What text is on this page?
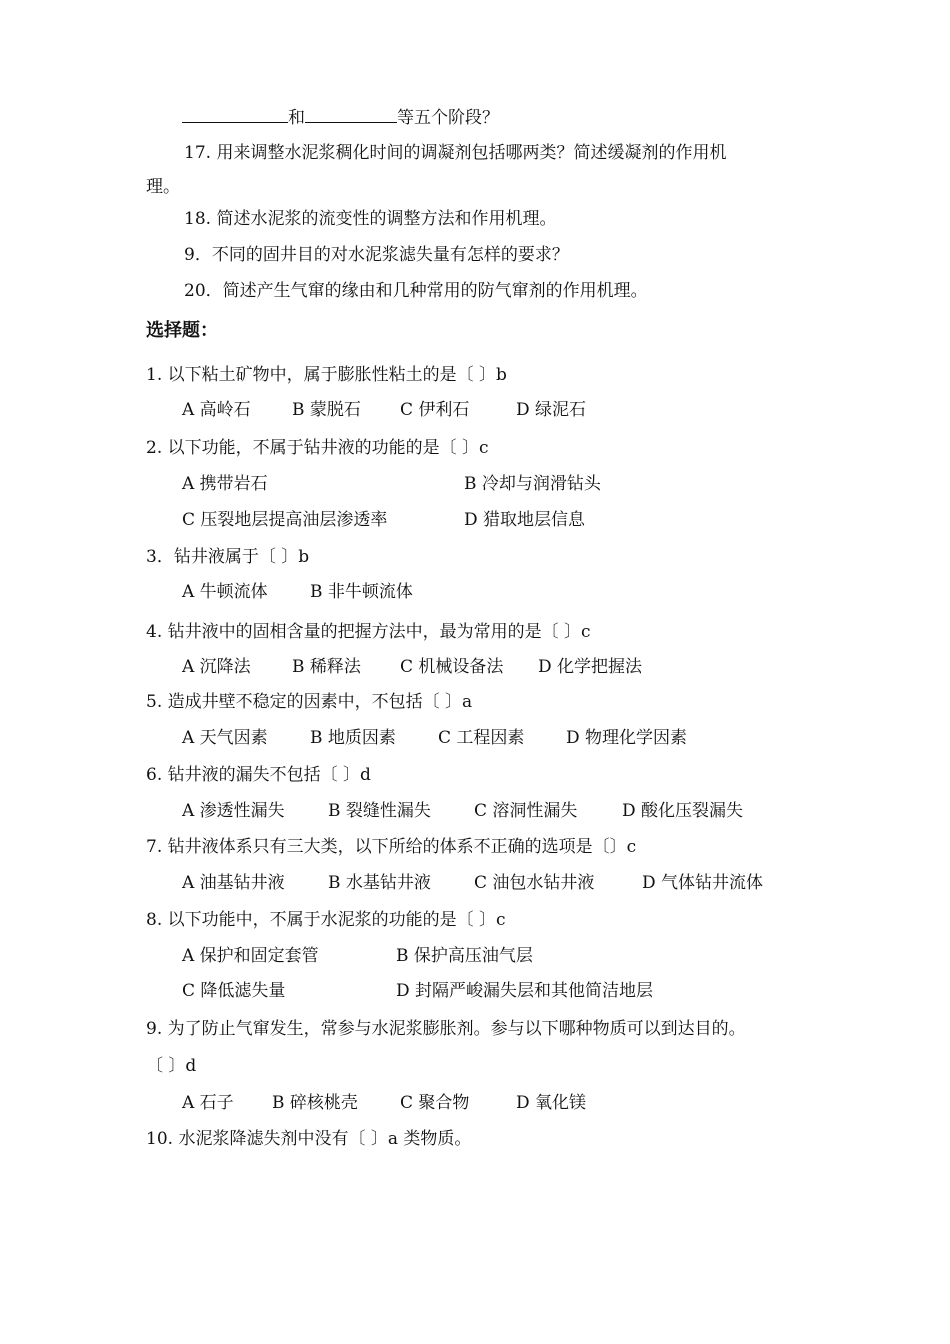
和	等五个阶段？
17. 用来调整水泥浆稠化时间的调凝剂包括哪两类？简述缓凝剂的作用机
理。
18. 简述水泥浆的流变性的调整方法和作用机理。
9．不同的固井目的对水泥浆滤失量有怎样的要求？
20．简述产生气窜的缘由和几种常用的防气窜剂的作用机理。
选择题：
1. 以下粘土矿物中，属于膨胀性粘土的是〔 〕b
A 高岭石 B 蒙脱石 C 伊利石	D 绿泥石
2. 以下功能，不属于钻井液的功能的是〔 〕c
A 携带岩石	B 冷却与润滑钻头
C 压裂地层提高油层渗透率	D 猎取地层信息
3．钻井液属于〔 〕b
A 牛顿流体 B 非牛顿流体
4. 钻井液中的固相含量的把握方法中，最为常用的是〔 〕c
A 沉降法 B 稀释法 C 机械设备法 D 化学把握法
5. 造成井壁不稳定的因素中，不包括〔 〕a
A 天气因素 B 地质因素 C 工程因素 D 物理化学因素
6. 钻井液的漏失不包括〔 〕d
A 渗透性漏失	B 裂缝性漏失	C 溶洞性漏失	D 酸化压裂漏失
7. 钻井液体系只有三大类，以下所给的体系不正确的选项是〔〕c
A 油基钻井液	B 水基钻井液	C 油包水钻井液	D 气体钻井流体
8. 以下功能中，不属于水泥浆的功能的是〔 〕c
A 保护和固定套管	B 保护高压油气层
C 降低滤失量	D 封隔严峻漏失层和其他简洁地层
9. 为了防止气窜发生，常参与水泥浆膨胀剂。参与以下哪种物质可以到达目的。
〔 〕d
A 石子 B 碎核桃壳 C 聚合物	D 氧化镁
10. 水泥浆降滤失剂中没有〔 〕a 类物质。
